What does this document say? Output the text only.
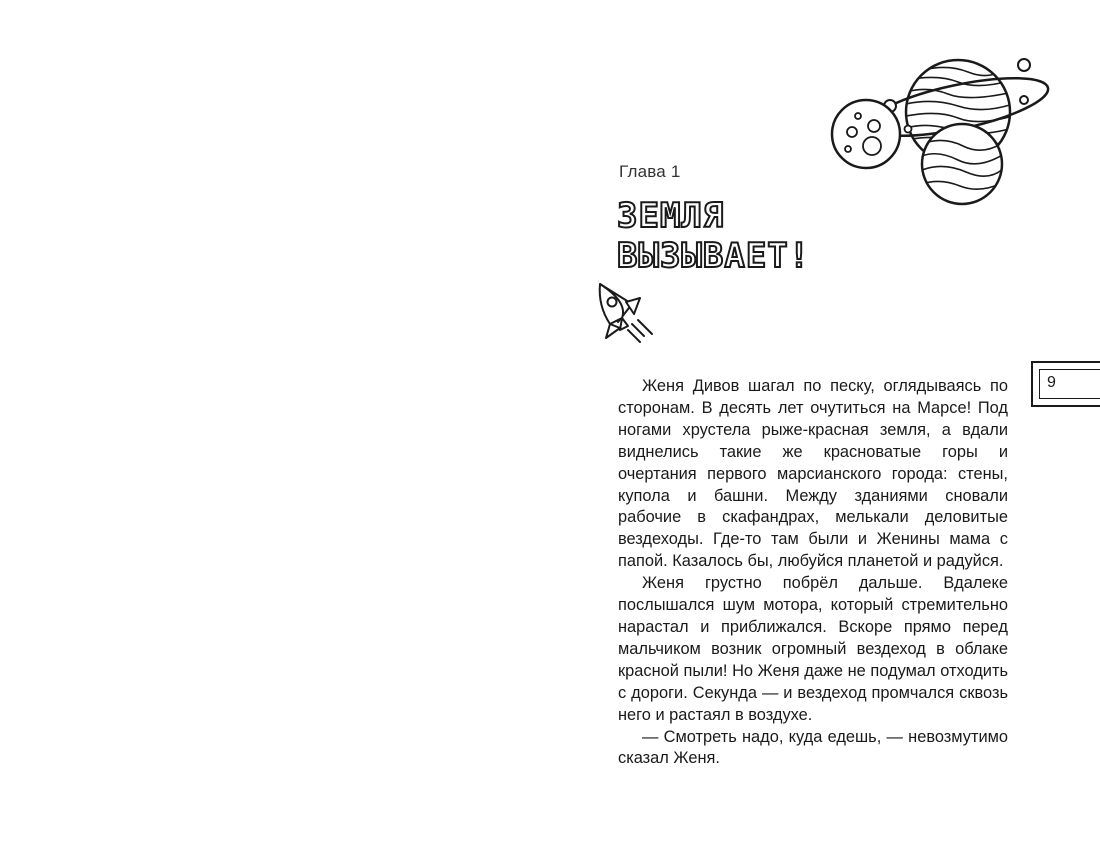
Глава 1
ЗЕМЛЯ
ВЫЗЫВАЕТ!
9

Женя Дивов шагал по песку, оглядываясь по сторонам. В десять лет очутиться на Марсе! Под ногами хрустела рыже-красная земля, а вдали виднелись такие же красноватые горы и очертания первого марсианского города: стены, купола и башни. Между зданиями сновали рабочие в скафандрах, мелькали деловитые вездеходы. Где-то там были и Женины мама с папой. Казалось бы, любуйся планетой и радуйся.

Женя грустно побрёл дальше. Вдалеке послышался шум мотора, который стремительно нарастал и приближался. Вскоре прямо перед мальчиком возник огромный вездеход в облаке красной пыли! Но Женя даже не подумал отходить с дороги. Секунда — и вездеход промчался сквозь него и растаял в воздухе.

— Смотреть надо, куда едешь, — невозмутимо сказал Женя.
